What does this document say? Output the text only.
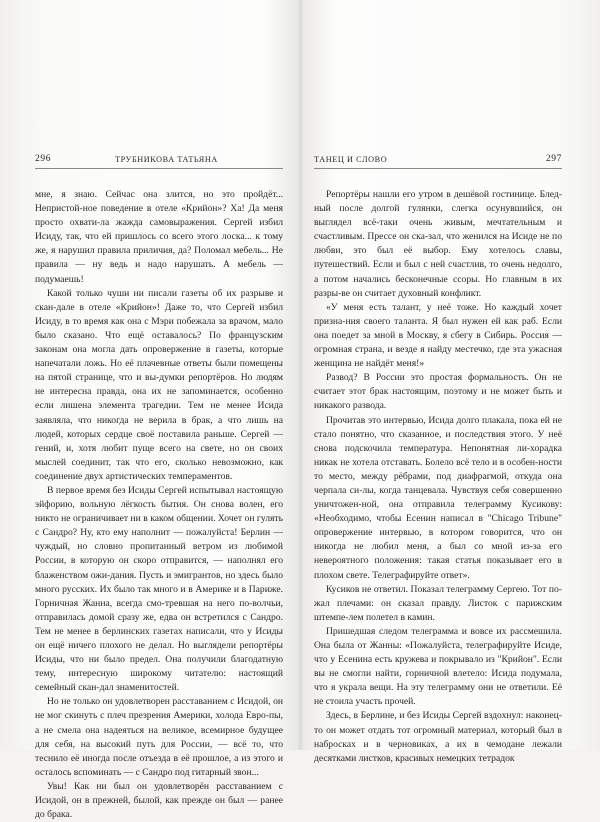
296	ТРУБНИКОВА ТАТЬЯНА

мне, я знаю. Сейчас она злится, но это пройдёт... Непристой-ное поведение в отеле «Крийон»? Ха! Да меня просто охвати-ла жажда самовыражения. Сергей избил Исиду, так, что ей пришлось со всего этого лоска... к тому же, я нарушил правила приличия, да? Поломал мебель... Не правила — ну ведь и надо нарушать. А мебель — подумаешь!

Какой только чуши ни писали газеты об их разрыве и скан-дале в отеле «Крийон»! Даже то, что Сергей избил Исиду, в то время как она с Мэри побежала за врачом, мало было сказано. Что ещё оставалось? По французским законам она могла дать опровержение в газеты, которые напечатали ложь. Но её плачевные ответы были помещены на пятой странице, что и вы-думки репортёров. Но людям не интересна правда, она их не запоминается, особенно если лишена элемента трагедии. Тем не менее Исида заявляла, что никогда не верила в брак, а что лишь на людей, которых сердце своё поставила раньше. Сергей — гений, и, хотя любит пуще всего на свете, но он своих мыслей соединит, так что его, сколько невозможно, как соединение двух артистических темпераментов.

В первое время без Исиды Сергей испытывал настоящую эйфорию, вольную лёгкость бытия. Он снова волен, его никто не ограничивает ни в каком общении. Хочет он гулять с Сандро? Ну, кто ему наполнит — пожалуйста! Берлин — чуждый, но словно пропитанный ветром из любимой России, в которую он скоро отправится, — наполнял его блаженством ожи-дания. Пусть и эмигрантов, но здесь было много русских. Их было так много и в Америке и в Париже. Горничная Жанна, всегда смо-тревшая на него по-волчьи, отправилась домой сразу же, едва он встретился с Сандро. Тем не менее в берлинских газетах написали, что у Исиды он ещё ничего плохого не делал. Но выглядели репортёры Исиды, что ни было предел. Она получили благодатную тему, интересную широкому читателю: настоящий семейный скан-дал знаменитостей.

Но не только он удовлетворен расставанием с Исидой, он не мог скинуть с плеч презрения Америки, холода Евро-пы, а не смела она надеяться на великое, всемирное будущее для себя, на высокий путь для России, — всё то, что теснило её иногда после отъезда в её прошлое, а из этого и осталось вспоминать — с Сандро под гитарный звон...

Увы! Как ни был он удовлетворён расставанием с Исидой, он в прежней, былой, как прежде он был — ранее до брака.

ТАНЕЦ И СЛОВО	297

Репортёры нашли его утром в дешёвой гостинице. Блед-ный после долгой гулянки, слегка осунувшийся, он выглядел всё-таки очень живым, мечтательным и счастливым. Прессе он ска-зал, что женился на Исиде не по любви, это был её выбор. Ему хотелось славы, путешествий. Если и был с ней счастлив, то очень недолго, а потом начались бесконечные ссоры. Но главным в их разры-ве он считает духовный конфликт.

«У меня есть талант, у неё тоже. Но каждый хочет призна-ния своего таланта. Я был нужен ей как раб. Если она поедет за мной в Москву, я сбегу в Сибирь. Россия — огромная страна, и везде я найду местечко, где эта ужасная женщина не найдёт меня!»

Развод? В России это простая формальность. Он не считает этот брак настоящим, поэтому и не может быть и никакого развода.

Прочитав это интервью, Исида долго плакала, пока ей не стало понятно, что сказанное, и последствия этого. У неё снова подскочила температура. Непонятная ли-хорадка никак не хотела отставать. Болело всё тело и в особен-ности то место, между рёбрами, под диафрагмой, откуда она черпала си-лы, когда танцевала. Чувствуя себя совершенно уничтожен-ной, она отправила телеграмму Кусикову: «Необходимо, чтобы Есенин написал в "Chicago Tribune" опровержение интервью, в котором говорится, что он никогда не любил меня, а был со мной из-за его невероятного положения: такая статья показывает его в плохом свете. Телеграфируйте ответ».

Кусиков не ответил. Показал телеграмму Сергею. Тот по-жал плечами: он сказал правду. Листок с парижским штемпе-лем полетел в камин.

Пришедшая следом телеграмма и вовсе их рассмешила. Она была от Жанны: «Пожалуйста, телеграфируйте Исиде, что у Есенина есть кружева и покрывало из "Крийон". Если вы не смогли найти, горничной влетело: Исида подумала, что я украла вещи. На эту телеграмму они не ответили. Её не стоила участь прочей.

Здесь, в Берлине, и без Исиды Сергей вздохнул: наконец-то он может отдать тот огромный материал, который был в набросках и в черновиках, а их в чемодане лежали десятками листков, красивых немецких тетрадок
